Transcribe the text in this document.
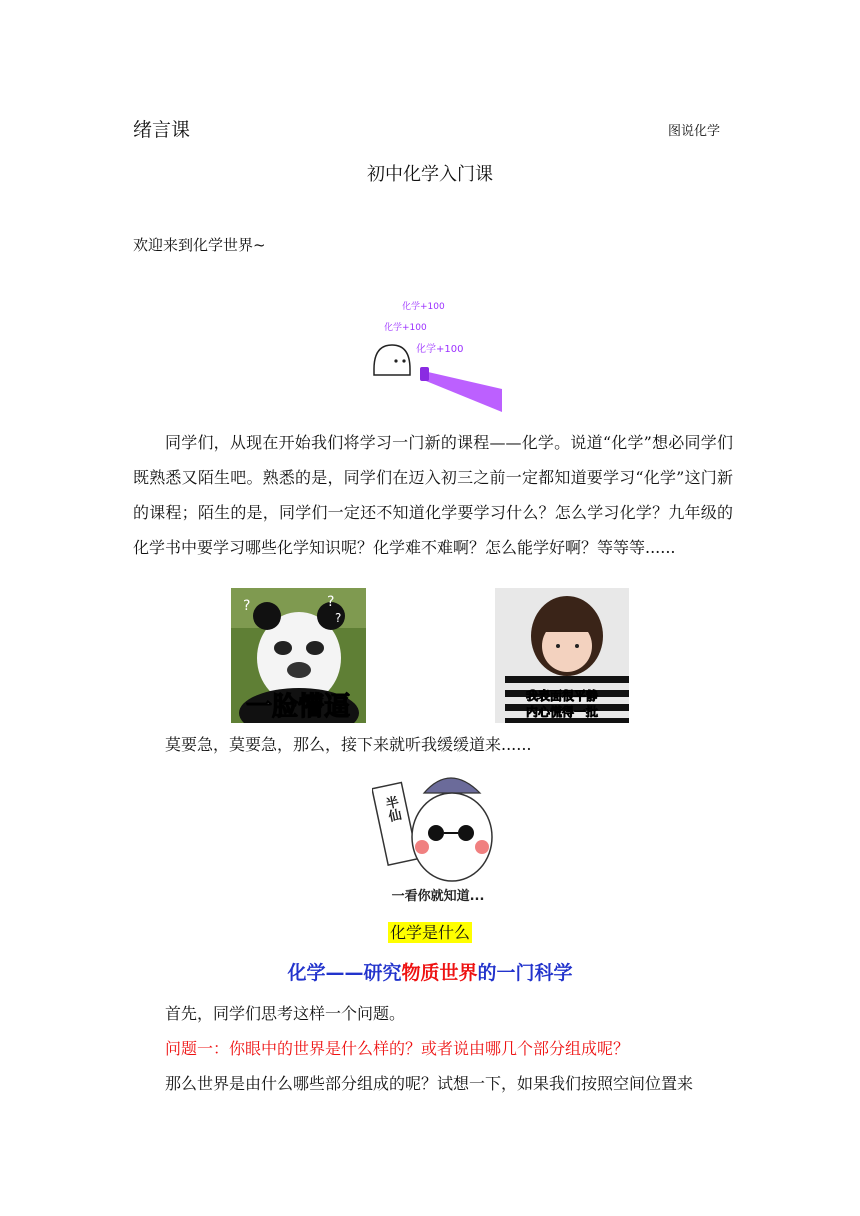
绪言课	图说化学
初中化学入门课
欢迎来到化学世界~
化学+100
化学+100
化学+100
同学们，从现在开始我们将学习一门新的课程——化学。说道“化学”想必同学们既熟悉又陌生吧。熟悉的是，同学们在迈入初三之前一定都知道要学习“化学”这门新的课程；陌生的是，同学们一定还不知道化学要学习什么？怎么学习化学？九年级的化学书中要学习哪些化学知识呢？化学难不难啊？怎么能学好啊？等等等......
?	?
?
一脸懵逼	我表面很平静
内心慌得一批
莫要急，莫要急，那么，接下来就听我缓缓道来......
半仙
一看你就知道...
化学是什么
化学——研究物质世界的一门科学
首先，同学们思考这样一个问题。
问题一：你眼中的世界是什么样的？或者说由哪几个部分组成呢？
那么世界是由什么哪些部分组成的呢？试想一下，如果我们按照空间位置来
